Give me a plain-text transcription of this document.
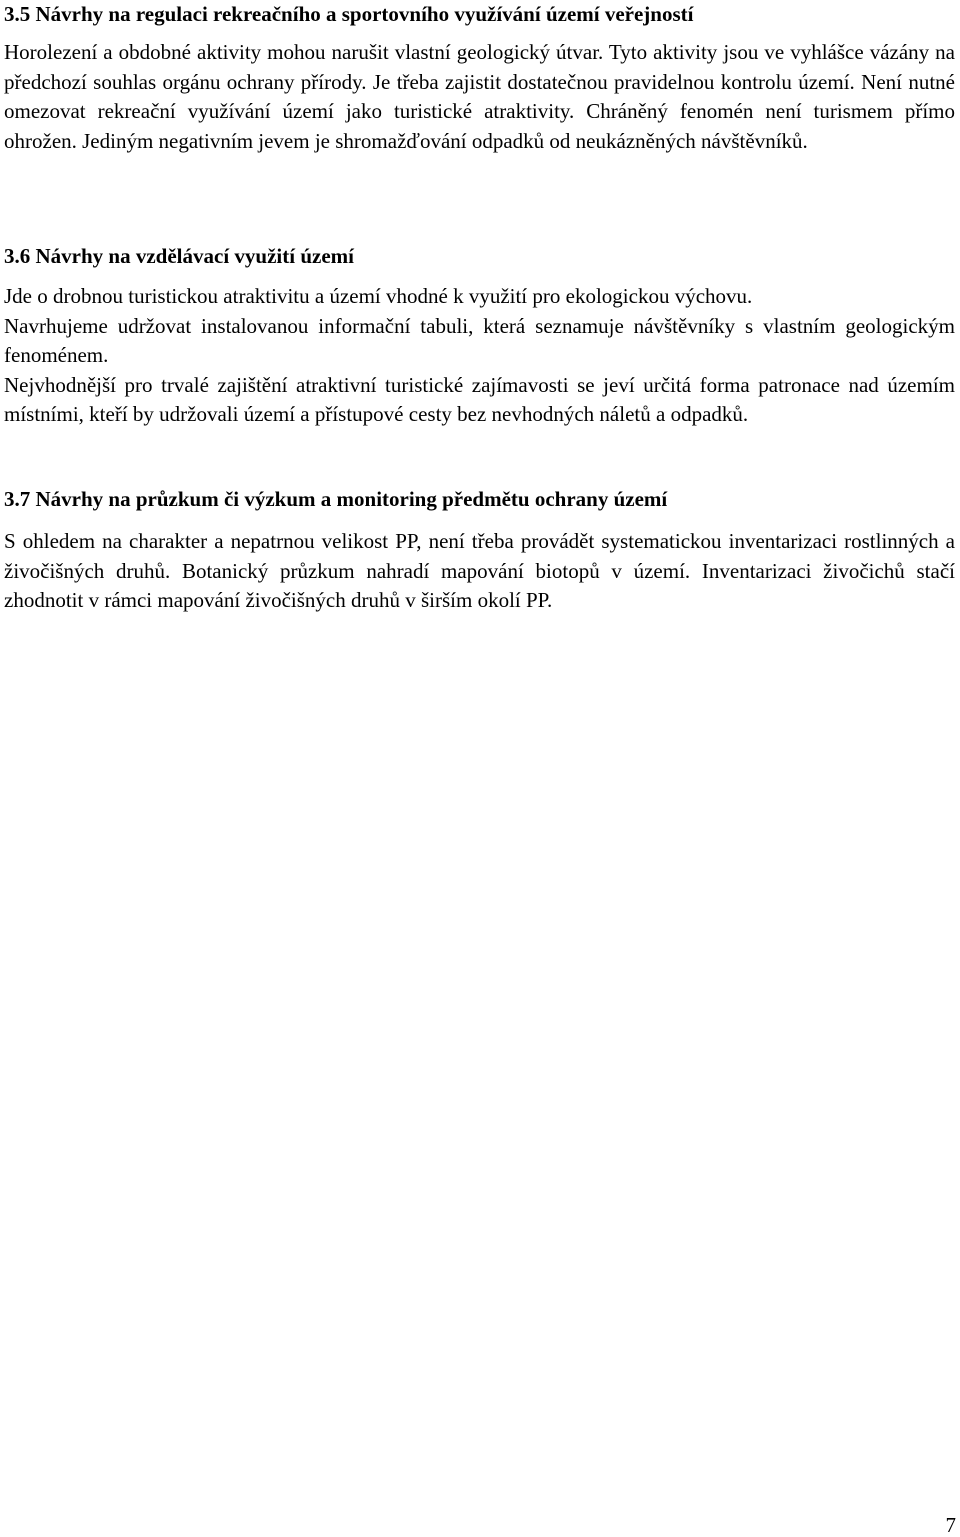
3.5 Návrhy na regulaci rekreačního a sportovního využívání území veřejností

Horolezení a obdobné aktivity mohou narušit vlastní geologický útvar. Tyto aktivity jsou ve vyhlášce vázány na předchozí souhlas orgánu ochrany přírody. Je třeba zajistit dostatečnou pravidelnou kontrolu území. Není nutné omezovat rekreační využívání území jako turistické atraktivity. Chráněný fenomén není turismem přímo ohrožen. Jediným negativním jevem je shromažďování odpadků od neukázněných návštěvníků.

3.6 Návrhy na vzdělávací využití území

Jde o drobnou turistickou atraktivitu a území vhodné k využití pro ekologickou výchovu.

Navrhujeme udržovat instalovanou informační tabuli, která seznamuje návštěvníky s vlastním geologickým fenoménem.

Nejvhodnější pro trvalé zajištění atraktivní turistické zajímavosti se jeví určitá forma patronace nad územím místními, kteří by udržovali území a přístupové cesty bez nevhodných náletů a odpadků.

3.7 Návrhy na průzkum či výzkum a monitoring předmětu ochrany území

S ohledem na charakter a nepatrnou velikost PP, není třeba provádět systematickou inventarizaci rostlinných a živočišných druhů. Botanický průzkum nahradí mapování biotopů v území. Inventarizaci živočichů stačí zhodnotit v rámci mapování živočišných druhů v širším okolí PP.

7
